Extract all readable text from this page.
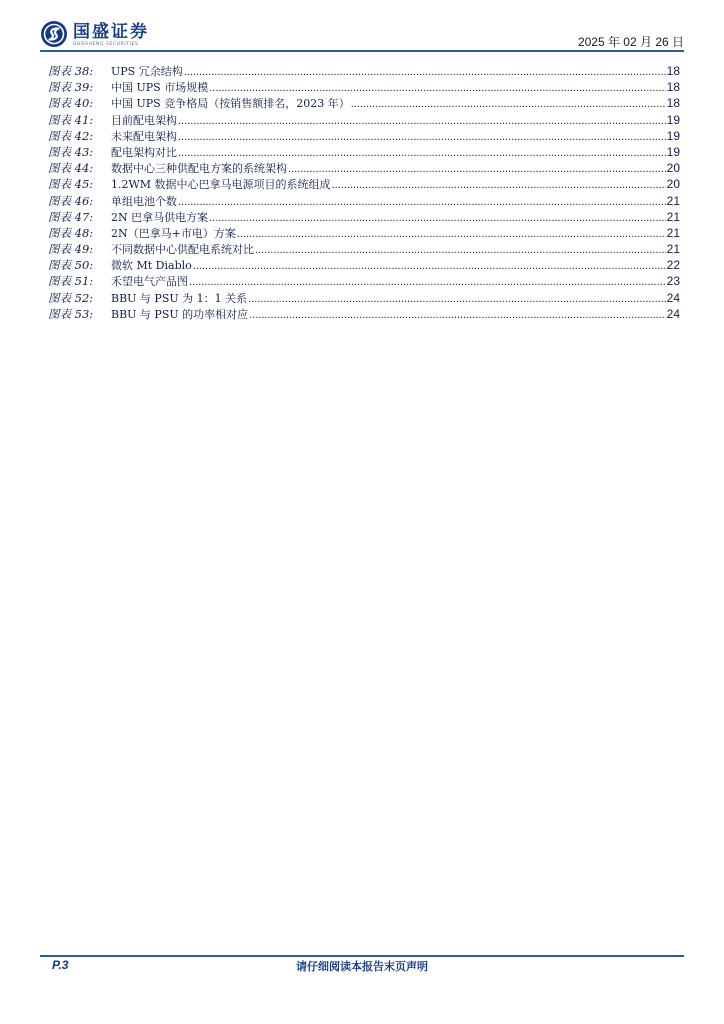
国盛证券
GUOSHENG SECURITIES	2025 年 02 月 26 日
图表 38:	UPS 冗余结构 .....	18
图表 39:	中国 UPS 市场规模 .....	18
图表 40:	中国 UPS 竞争格局（按销售额排名，2023 年） .....	18
图表 41:	目前配电架构 .....	19
图表 42:	未来配电架构 .....	19
图表 43:	配电架构对比 .....	19
图表 44:	数据中心三种供配电方案的系统架构 .....	20
图表 45:	1.2WM 数据中心巴拿马电源项目的系统组成 .....	20
图表 46:	单组电池个数 .....	21
图表 47:	2N 巴拿马供电方案 .....	21
图表 48:	2N（巴拿马+市电）方案 .....	21
图表 49:	不同数据中心供配电系统对比 .....	21
图表 50:	微软 Mt Diablo .....	22
图表 51:	禾望电气产品图 .....	23
图表 52:	BBU 与 PSU 为 1：1 关系 .....	24
图表 53:	BBU 与 PSU 的功率相对应 .....	24
P.3	请仔细阅读本报告末页声明
